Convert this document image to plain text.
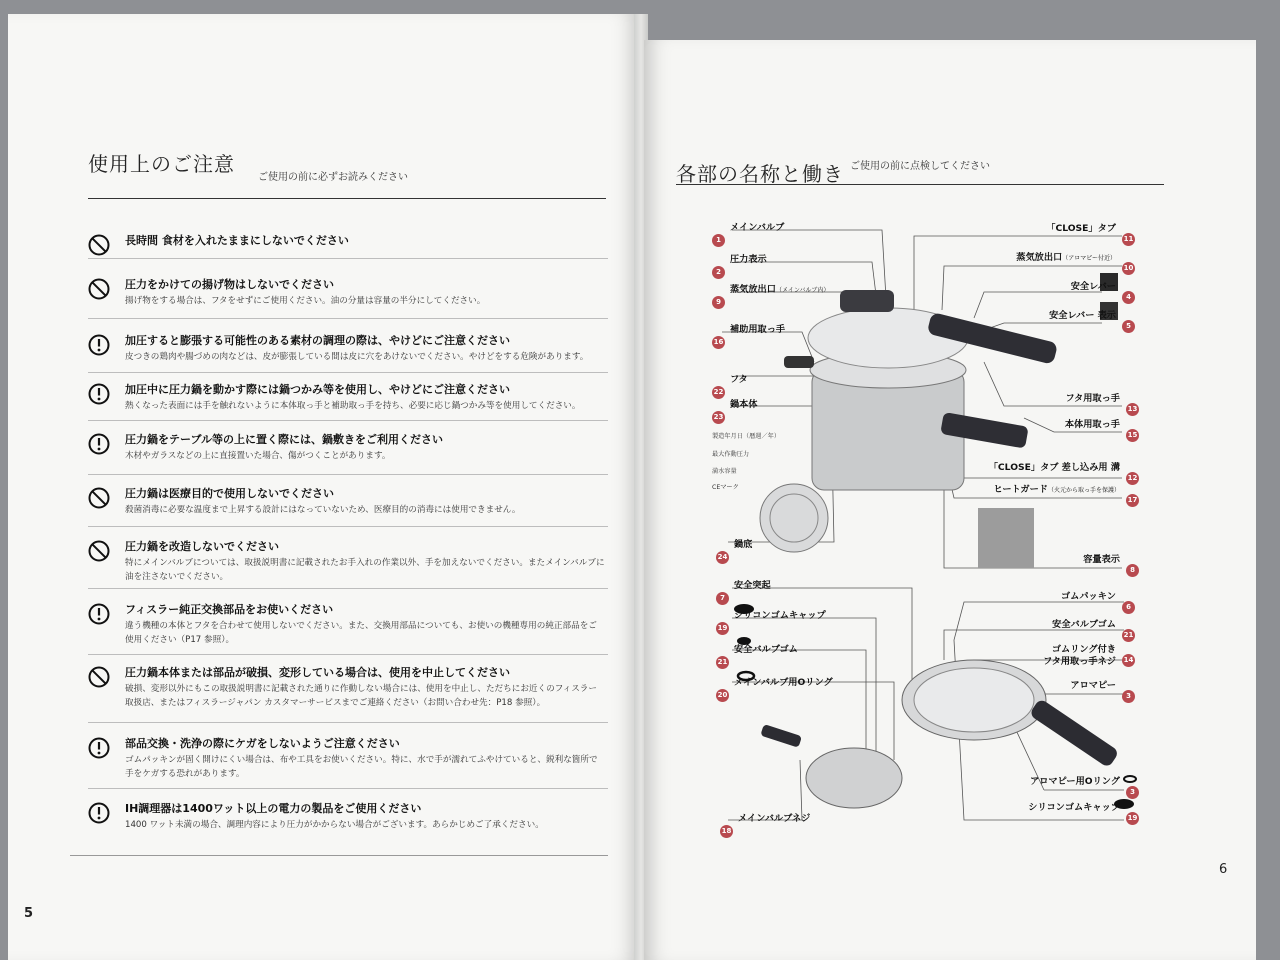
使用上のご注意
ご使用の前に必ずお読みください
長時間 食材を入れたままにしないでください
圧力をかけての揚げ物はしないでください
揚げ物をする場合は、フタをせずにご使用ください。油の分量は容量の半分にしてください。
加圧すると膨張する可能性のある素材の調理の際は、やけどにご注意ください
皮つきの鶏肉や腸づめの肉などは、皮が膨張している間は皮に穴をあけないでください。やけどをする危険があります。
加圧中に圧力鍋を動かす際には鍋つかみ等を使用し、やけどにご注意ください
熱くなった表面には手を触れないように本体取っ手と補助取っ手を持ち、必要に応じ鍋つかみ等を使用してください。
圧力鍋をテーブル等の上に置く際には、鍋敷きをご利用ください
木材やガラスなどの上に直接置いた場合、傷がつくことがあります。
圧力鍋は医療目的で使用しないでください
殺菌消毒に必要な温度まで上昇する設計にはなっていないため、医療目的の消毒には使用できません。
圧力鍋を改造しないでください
特にメインバルブについては、取扱説明書に記載されたお手入れの作業以外、手を加えないでください。またメインバルブに油を注さないでください。
フィスラー純正交換部品をお使いください
違う機種の本体とフタを合わせて使用しないでください。また、交換用部品についても、お使いの機種専用の純正部品をご使用ください（P17 参照）。
圧力鍋本体または部品が破損、変形している場合は、使用を中止してください
破損、変形以外にもこの取扱説明書に記載された通りに作動しない場合には、使用を中止し、ただちにお近くのフィスラー取扱店、またはフィスラージャパン カスタマーサービスまでご連絡ください（お問い合わせ先：P18 参照）。
部品交換・洗浄の際にケガをしないようご注意ください
ゴムパッキンが固く開けにくい場合は、布や工具をお使いください。特に、水で手が濡れてふやけていると、鋭利な箇所で手をケガする恐れがあります。
IH調理器は1400ワット以上の電力の製品をご使用ください
1400 ワット未満の場合、調理内容により圧力がかからない場合がございます。あらかじめご了承ください。
5
各部の名称と働き ご使用の前に点検してください
1
メインバルブ
2
圧力表示
9
蒸気放出口（メインバルブ内）
16
補助用取っ手
22
フタ
23
鍋本体
24
鍋底
11
「CLOSE」タブ
10
蒸気放出口（アロマピー付近）
4
安全レバー
5
安全レバー 表示
13
フタ用取っ手
15
本体用取っ手
12
「CLOSE」タブ 差し込み用 溝
17
ヒートガード（火元から取っ手を保護）
8
容量表示
7
安全突起
19
シリコンゴムキャップ
21
安全バルブゴム
20
メインバルブ用Oリング
18
メインバルブネジ
6
ゴムパッキン
21
安全バルブゴム
14
ゴムリング付き
フタ用取っ手ネジ
3
アロマピー
3
アロマピー用Oリング
19
シリコンゴムキャップ
製造年月日（曆週／年）
最大作動圧力
満水容量
CEマーク
6
